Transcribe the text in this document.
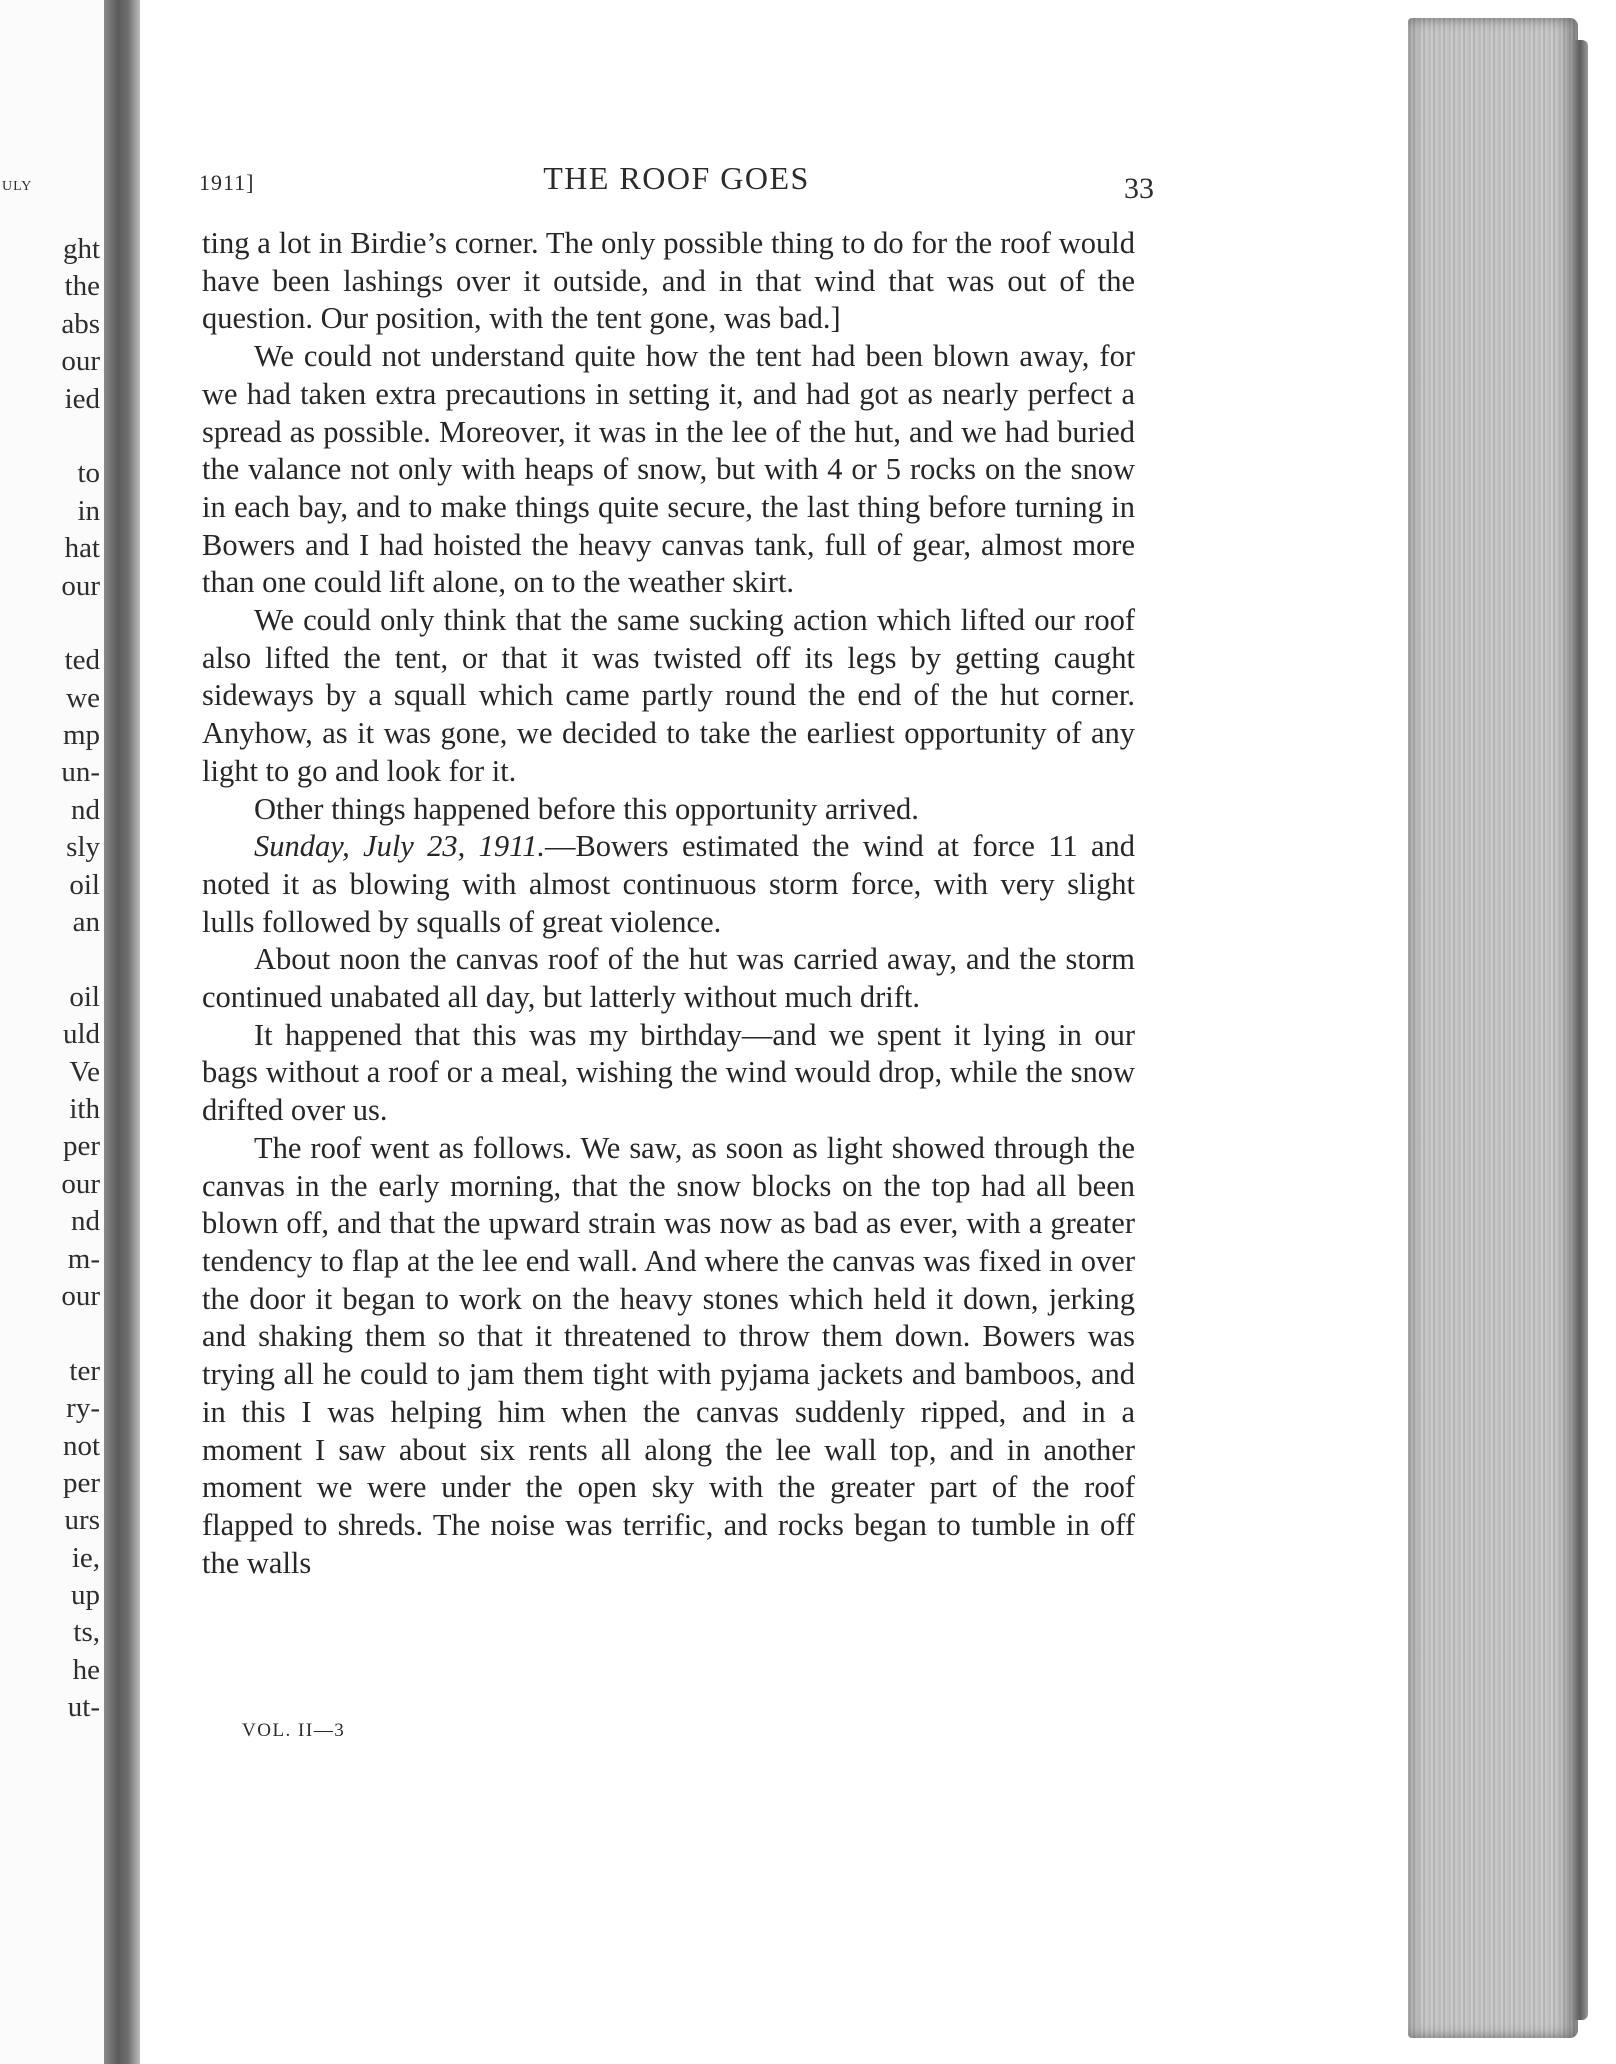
ULY
ght
the
abs
our
ied
to
in
hat
our
ted
we
mp
un-
nd
sly
oil
an
oil
uld
Ve
ith
per
our
nd
m-
our
ter
ry-
not
per
urs
ie,
up
ts,
he
ut-
1911]	THE ROOF GOES	33

ting a lot in Birdie’s corner. The only possible thing to do for the roof would have been lashings over it outside, and in that wind that was out of the question. Our position, with the tent gone, was bad.]

We could not understand quite how the tent had been blown away, for we had taken extra precautions in setting it, and had got as nearly perfect a spread as possible. Moreover, it was in the lee of the hut, and we had buried the valance not only with heaps of snow, but with 4 or 5 rocks on the snow in each bay, and to make things quite secure, the last thing before turning in Bowers and I had hoisted the heavy canvas tank, full of gear, almost more than one could lift alone, on to the weather skirt.

We could only think that the same sucking action which lifted our roof also lifted the tent, or that it was twisted off its legs by getting caught sideways by a squall which came partly round the end of the hut corner. Anyhow, as it was gone, we decided to take the earliest opportunity of any light to go and look for it.

Other things happened before this opportunity arrived.

Sunday, July 23, 1911.—Bowers estimated the wind at force 11 and noted it as blowing with almost continuous storm force, with very slight lulls followed by squalls of great violence.

About noon the canvas roof of the hut was carried away, and the storm continued unabated all day, but latterly without much drift.

It happened that this was my birthday—and we spent it lying in our bags without a roof or a meal, wishing the wind would drop, while the snow drifted over us.

The roof went as follows. We saw, as soon as light showed through the canvas in the early morning, that the snow blocks on the top had all been blown off, and that the upward strain was now as bad as ever, with a greater tendency to flap at the lee end wall. And where the canvas was fixed in over the door it began to work on the heavy stones which held it down, jerking and shaking them so that it threatened to throw them down. Bowers was trying all he could to jam them tight with pyjama jackets and bamboos, and in this I was helping him when the canvas suddenly ripped, and in a moment I saw about six rents all along the lee wall top, and in another moment we were under the open sky with the greater part of the roof flapped to shreds. The noise was terrific, and rocks began to tumble in off the walls

VOL. II—3
